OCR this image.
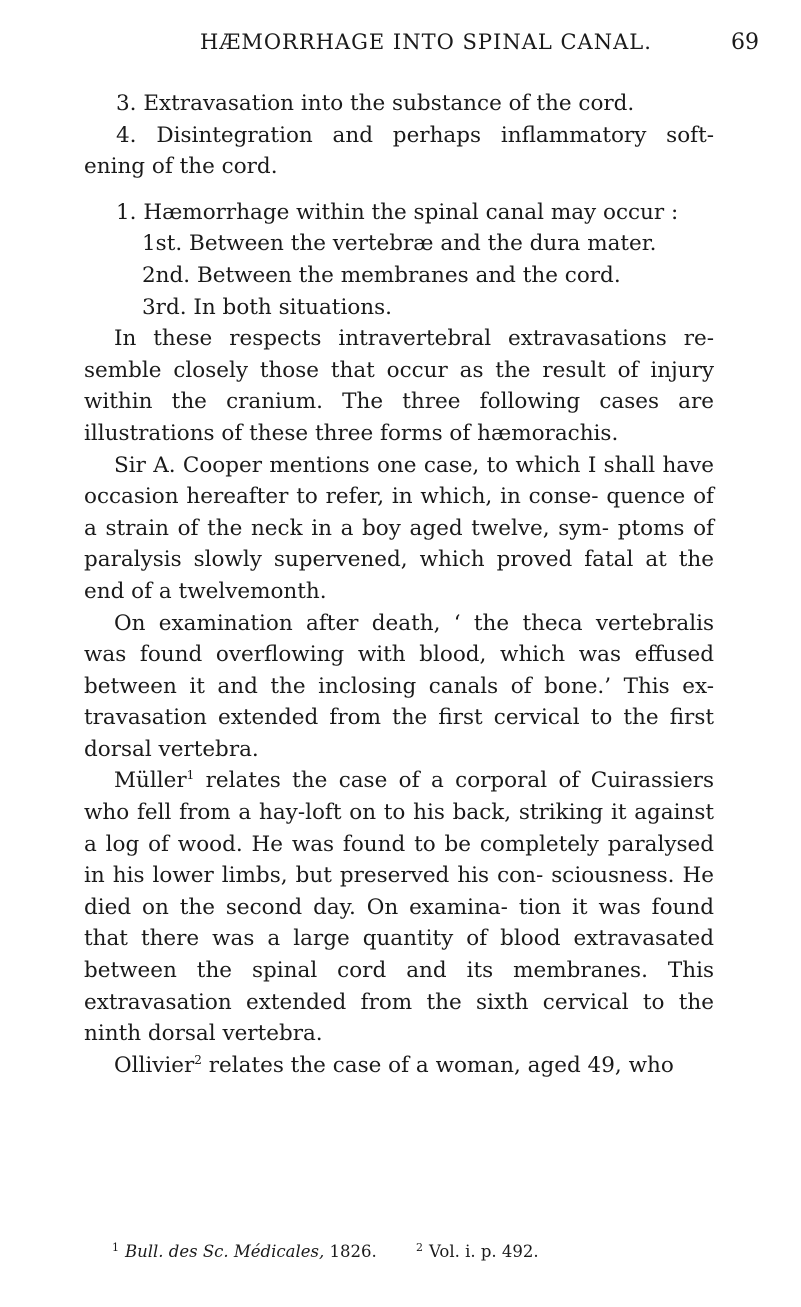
HÆMORRHAGE INTO SPINAL CANAL.	69

3. Extravasation into the substance of the cord.

4. Disintegration and perhaps inflammatory soft- ening of the cord.

1. Hæmorrhage within the spinal canal may occur :

1st. Between the vertebræ and the dura mater.

2nd. Between the membranes and the cord.

3rd. In both situations.

In these respects intravertebral extravasations re- semble closely those that occur as the result of injury within the cranium. The three following cases are illustrations of these three forms of hæmorachis.

Sir A. Cooper mentions one case, to which I shall have occasion hereafter to refer, in which, in conse- quence of a strain of the neck in a boy aged twelve, sym- ptoms of paralysis slowly supervened, which proved fatal at the end of a twelvemonth.

On examination after death, ‘ the theca vertebralis was found overflowing with blood, which was effused between it and the inclosing canals of bone.’ This ex- travasation extended from the first cervical to the first dorsal vertebra.

Müller$^1$ relates the case of a corporal of Cuirassiers who fell from a hay-loft on to his back, striking it against a log of wood. He was found to be completely paralysed in his lower limbs, but preserved his con- sciousness. He died on the second day. On examina- tion it was found that there was a large quantity of blood extravasated between the spinal cord and its membranes. This extravasation extended from the sixth cervical to the ninth dorsal vertebra.

Ollivier$^2$ relates the case of a woman, aged 49, who

$^1$ Bull. des Sc. Médicales, 1826.	$^2$ Vol. i. p. 492.
